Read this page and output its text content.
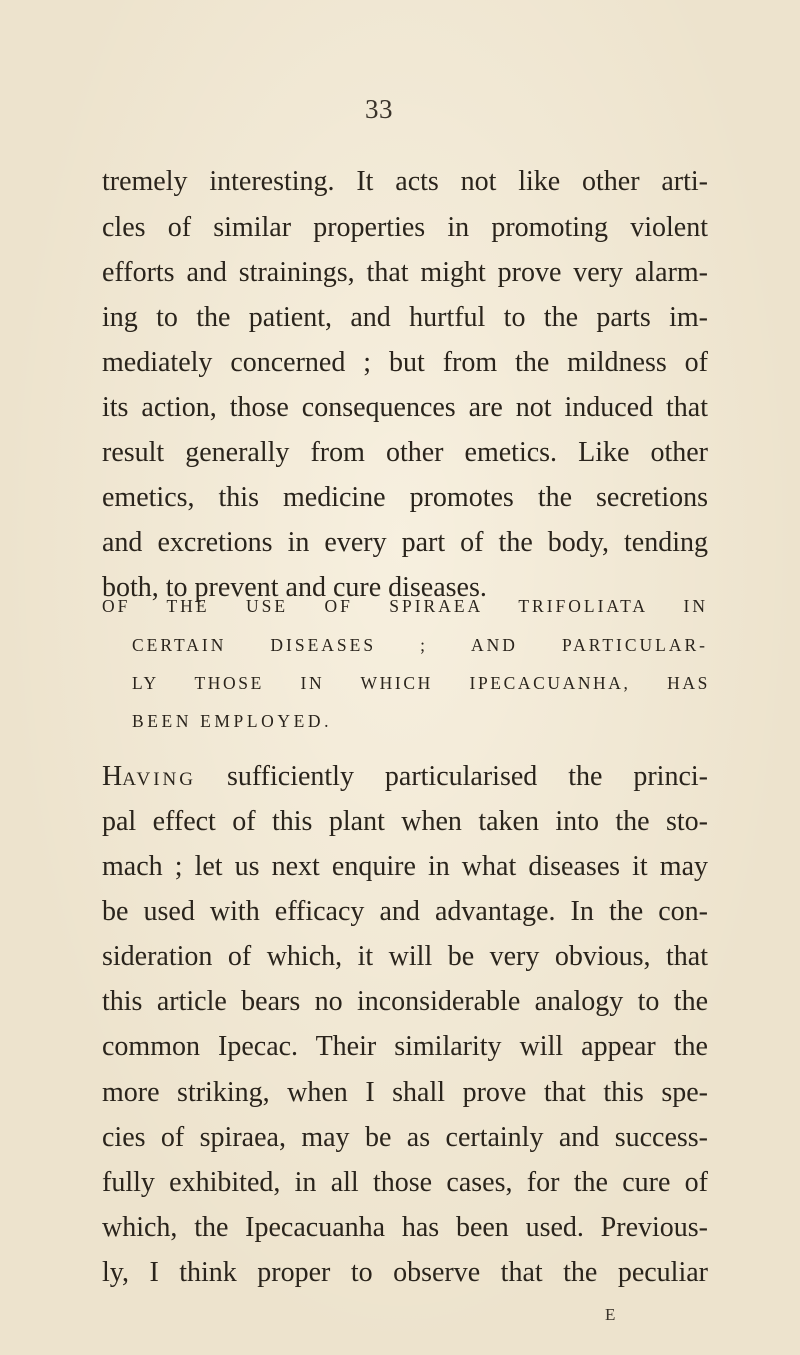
33
tremely interesting. It acts not like other arti-
cles of similar properties in promoting violent
efforts and strainings, that might prove very alarm-
ing to the patient, and hurtful to the parts im-
mediately concerned ; but from the mildness of
its action, those consequences are not induced that
result generally from other emetics. Like other
emetics, this medicine promotes the secretions
and excretions in every part of the body, tending
both, to prevent and cure diseases.
OF THE USE OF SPIRAEA TRIFOLIATA IN
CERTAIN DISEASES ; AND PARTICULAR-
LY THOSE IN WHICH IPECACUANHA, HAS
BEEN EMPLOYED.
HAVING sufficiently particularised the princi-
pal effect of this plant when taken into the sto-
mach ; let us next enquire in what diseases it may
be used with efficacy and advantage. In the con-
sideration of which, it will be very obvious, that
this article bears no inconsiderable analogy to the
common Ipecac. Their similarity will appear the
more striking, when I shall prove that this spe-
cies of spiraea, may be as certainly and success-
fully exhibited, in all those cases, for the cure of
which, the Ipecacuanha has been used. Previous-
ly, I think proper to observe that the peculiar
E
